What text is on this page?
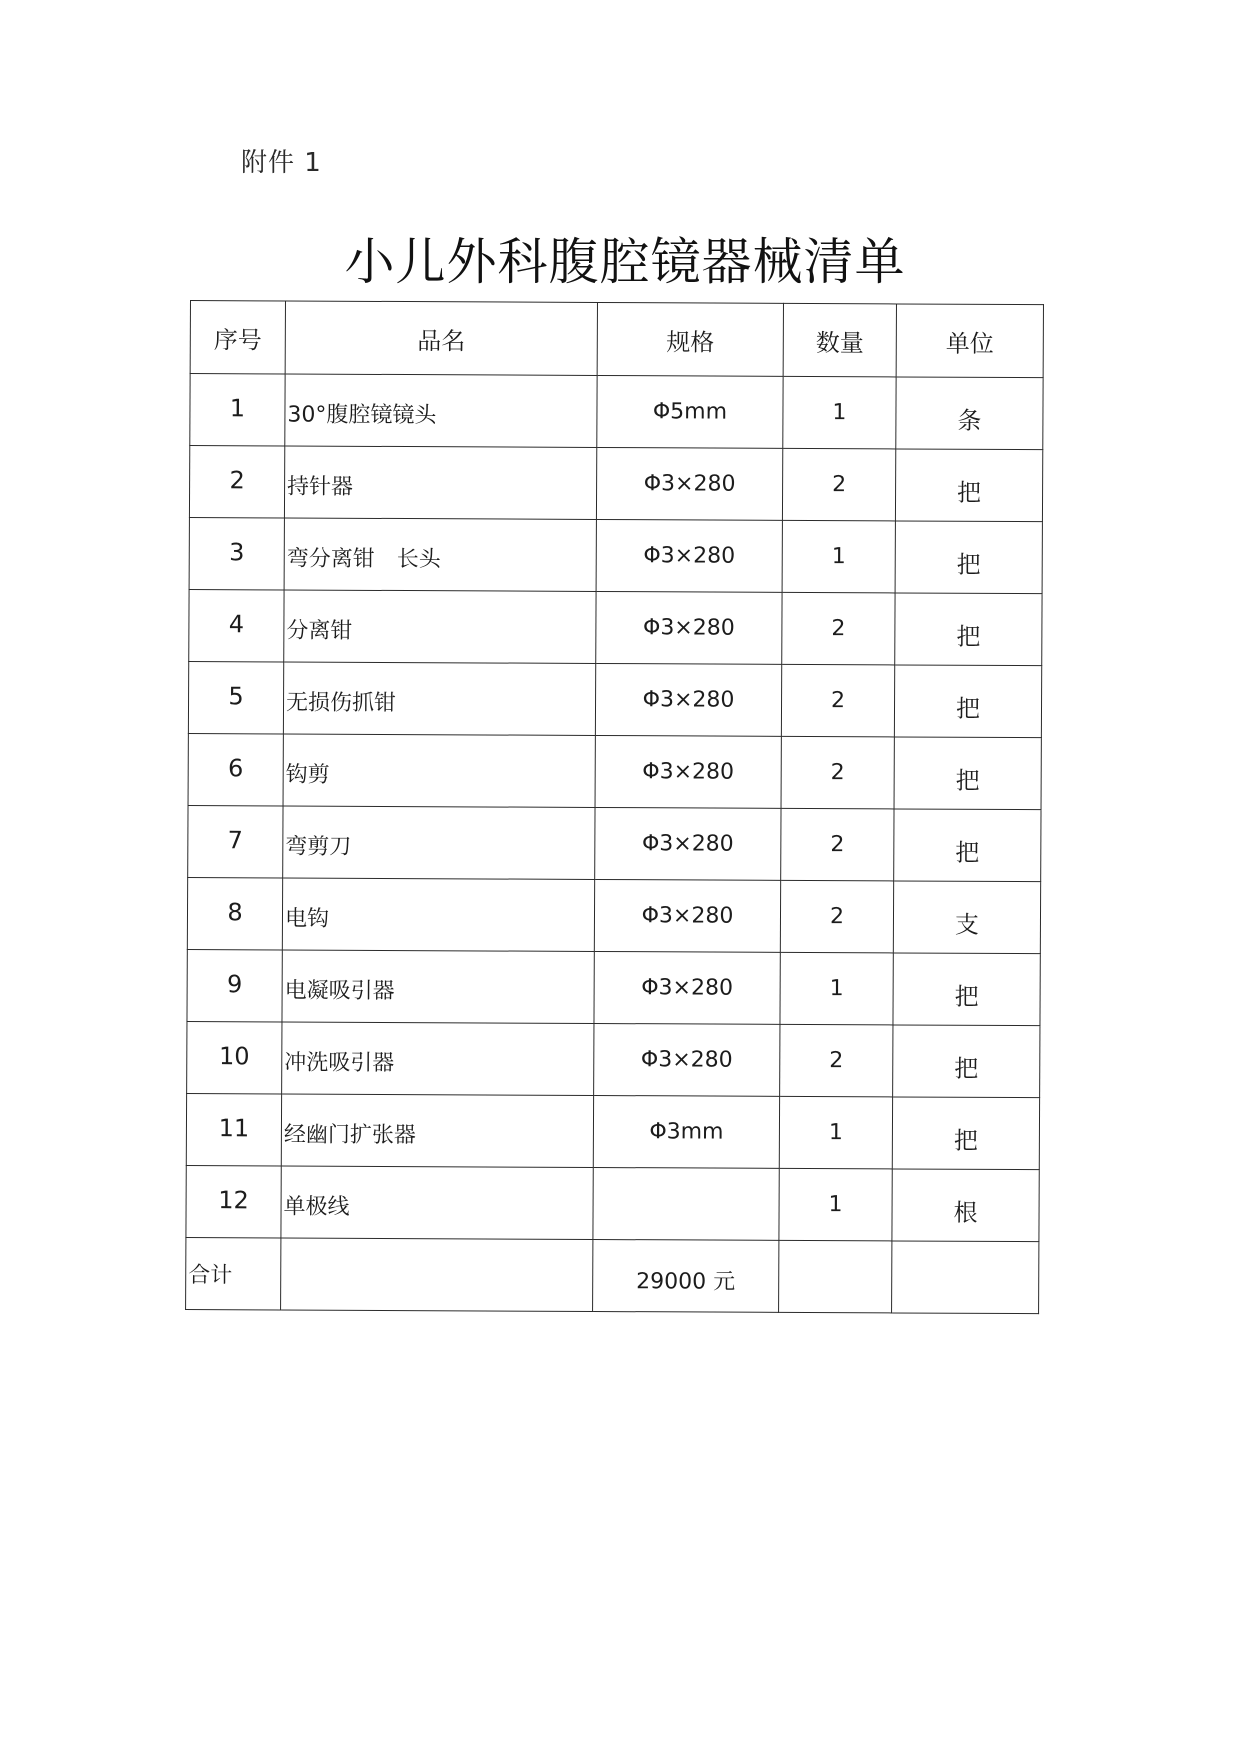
附件 1
小儿外科腹腔镜器械清单
序号	品名	规格	数量	单位
1	30°腹腔镜镜头	Φ5mm	1	条
2	持针器	Φ3×280	2	把
3	弯分离钳 长头	Φ3×280	1	把
4	分离钳	Φ3×280	2	把
5	无损伤抓钳	Φ3×280	2	把
6	钩剪	Φ3×280	2	把
7	弯剪刀	Φ3×280	2	把
8	电钩	Φ3×280	2	支
9	电凝吸引器	Φ3×280	1	把
10	冲洗吸引器	Φ3×280	2	把
11	经幽门扩张器	Φ3mm	1	把
12	单极线		1	根
合计		29000 元		
